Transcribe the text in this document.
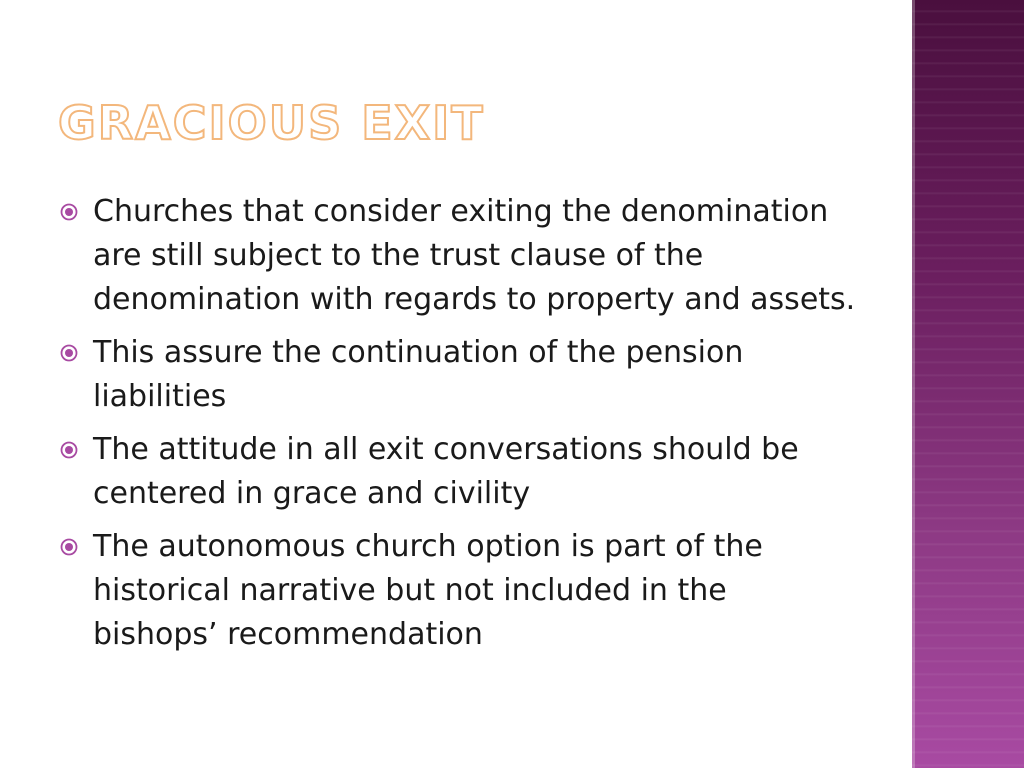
GRACIOUS EXIT
Churches that consider exiting the denomination are still subject to the trust clause of the denomination with regards to property and assets.
This assure the continuation of the pension liabilities
The attitude in all exit conversations should be centered in grace and civility
The autonomous church option is part of the historical narrative but not included in the bishops’ recommendation
